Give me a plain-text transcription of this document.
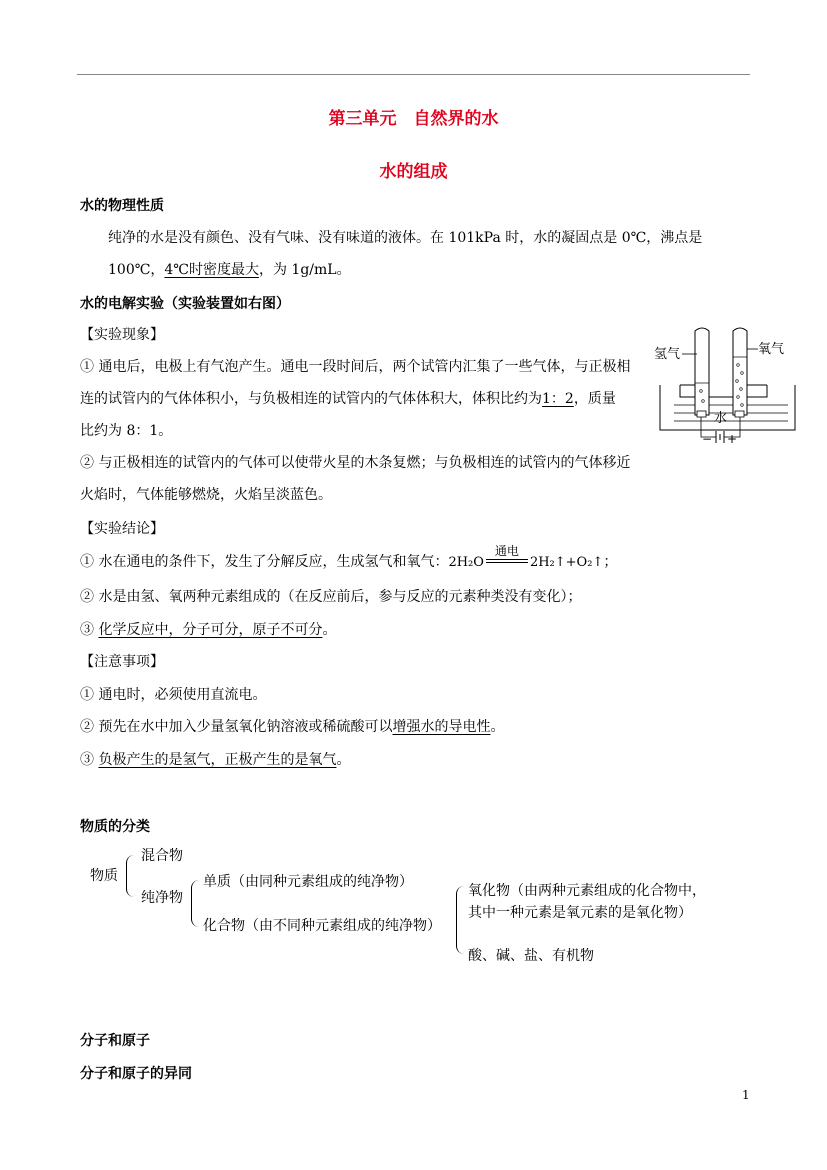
第三单元　自然界的水
水的组成
水的物理性质
纯净的水是没有颜色、没有气味、没有味道的液体。在 101kPa 时，水的凝固点是 0℃，沸点是
100℃，4℃时密度最大，为 1g/mL。
水的电解实验（实验装置如右图）
【实验现象】
① 通电后，电极上有气泡产生。通电一段时间后，两个试管内汇集了一些气体，与正极相
连的试管内的气体体积小，与负极相连的试管内的气体体积大，体积比约为1：2，质量
比约为 8：1。
② 与正极相连的试管内的气体可以使带火星的木条复燃；与负极相连的试管内的气体移近
火焰时，气体能够燃烧，火焰呈淡蓝色。
氢气	氧气
水
− +
【实验结论】
① 水在通电的条件下，发生了分解反应，生成氢气和氧气：2H₂O
通电
2H₂↑+O₂↑；
② 水是由氢、氧两种元素组成的（在反应前后，参与反应的元素种类没有变化）；
③ 化学反应中，分子可分，原子不可分。
【注意事项】
① 通电时，必须使用直流电。
② 预先在水中加入少量氢氧化钠溶液或稀硫酸可以增强水的导电性。
③ 负极产生的是氢气，正极产生的是氧气。
物质的分类
物质
混合物
纯净物
单质（由同种元素组成的纯净物）
化合物（由不同种元素组成的纯净物）
氧化物（由两种元素组成的化合物中，
其中一种元素是氧元素的是氧化物）
酸、碱、盐、有机物
分子和原子
分子和原子的异同
1
